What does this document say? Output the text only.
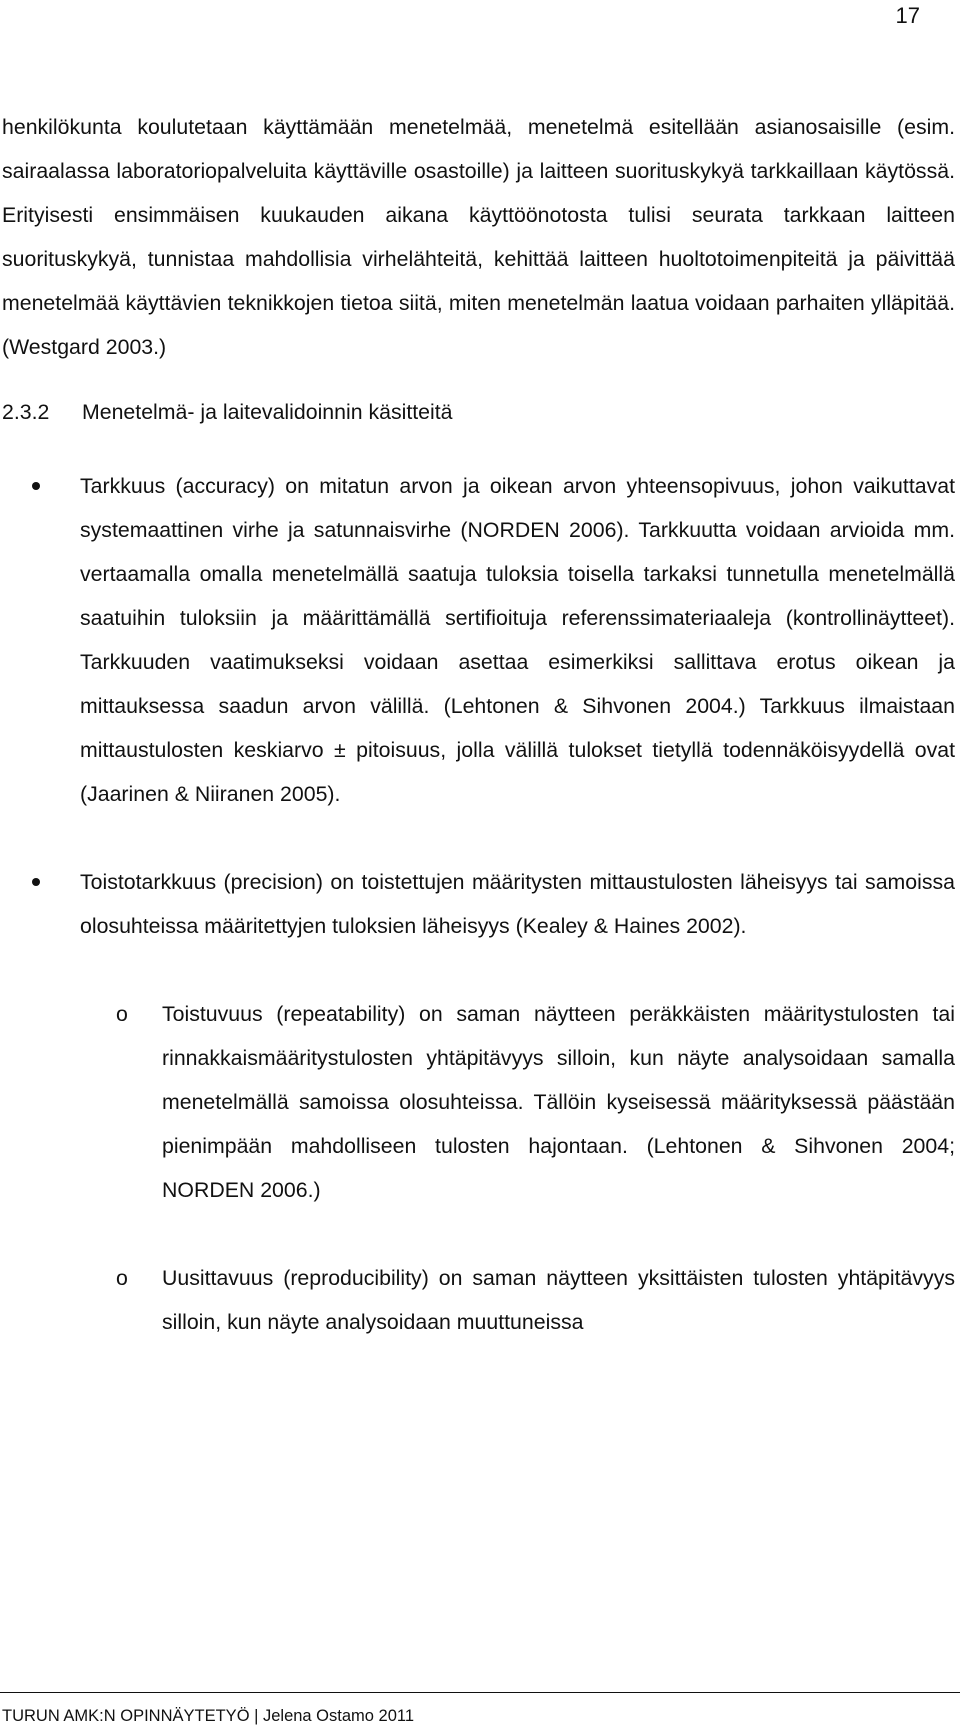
17

henkilökunta koulutetaan käyttämään menetelmää, menetelmä esitellään asianosaisille (esim. sairaalassa laboratoriopalveluita käyttäville osastoille) ja laitteen suorituskykyä tarkkaillaan käytössä. Erityisesti ensimmäisen kuukauden aikana käyttöönotosta tulisi seurata tarkkaan laitteen suorituskykyä, tunnistaa mahdollisia virhelähteitä, kehittää laitteen huoltotoimenpiteitä ja päivittää menetelmää käyttävien teknikkojen tietoa siitä, miten menetelmän laatua voidaan parhaiten ylläpitää. (Westgard 2003.)

2.3.2 Menetelmä- ja laitevalidoinnin käsitteitä

Tarkkuus (accuracy) on mitatun arvon ja oikean arvon yhteensopivuus, johon vaikuttavat systemaattinen virhe ja satunnaisvirhe (NORDEN 2006). Tarkkuutta voidaan arvioida mm. vertaamalla omalla menetelmällä saatuja tuloksia toisella tarkaksi tunnetulla menetelmällä saatuihin tuloksiin ja määrittämällä sertifioituja referenssimateriaaleja (kontrollinäytteet). Tarkkuuden vaatimukseksi voidaan asettaa esimerkiksi sallittava erotus oikean ja mittauksessa saadun arvon välillä. (Lehtonen & Sihvonen 2004.) Tarkkuus ilmaistaan mittaustulosten keskiarvo ± pitoisuus, jolla välillä tulokset tietyllä todennäköisyydellä ovat (Jaarinen & Niiranen 2005).
Toistotarkkuus (precision) on toistettujen määritysten mittaustulosten läheisyys tai samoissa olosuhteissa määritettyjen tuloksien läheisyys (Kealey & Haines 2002).
o Toistuvuus (repeatability) on saman näytteen peräkkäisten määritystulosten tai rinnakkaismääritystulosten yhtäpitävyys silloin, kun näyte analysoidaan samalla menetelmällä samoissa olosuhteissa. Tällöin kyseisessä määrityksessä päästään pienimpään mahdolliseen tulosten hajontaan. (Lehtonen & Sihvonen 2004; NORDEN 2006.)
o Uusittavuus (reproducibility) on saman näytteen yksittäisten tulosten yhtäpitävyys silloin, kun näyte analysoidaan muuttuneissa
TURUN AMK:N OPINNÄYTETYÖ | Jelena Ostamo 2011
